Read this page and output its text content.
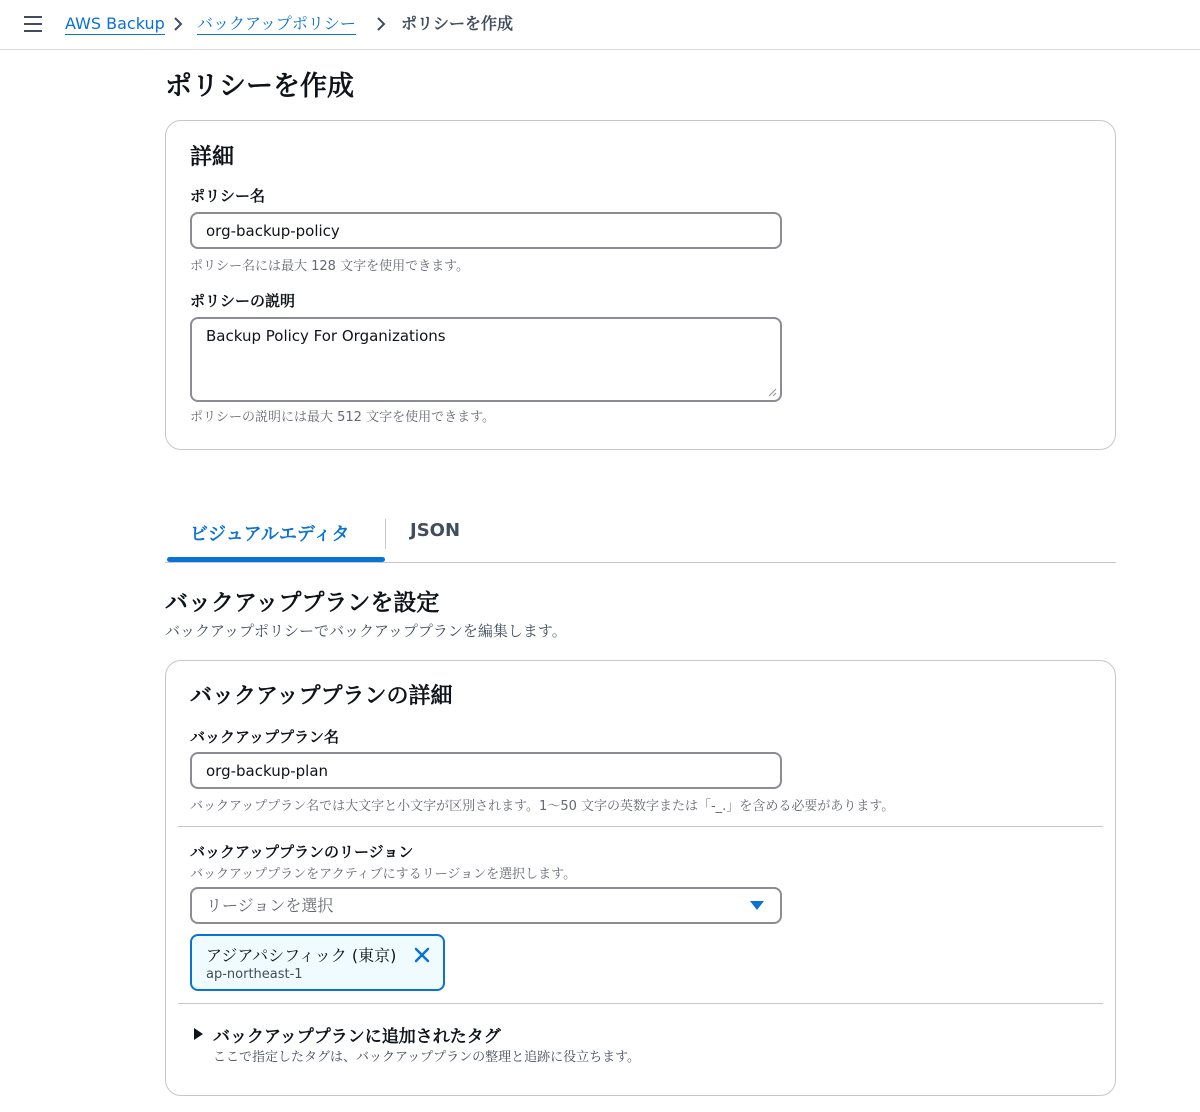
AWS Backup バックアップポリシー	ポリシーを作成
ポリシーを作成
詳細
ポリシー名
org-backup-policy
ポリシー名には最大 128 文字を使用できます。
ポリシーの説明
Backup Policy For Organizations
ポリシーの説明には最大 512 文字を使用できます。
ビジュアルエディタ	JSON
バックアッププランを設定
バックアップポリシーでバックアッププランを編集します。
バックアッププランの詳細
バックアッププラン名
org-backup-plan
バックアッププラン名では大文字と小文字が区別されます。1〜50 文字の英数字または「-_.」を含める必要があります。
バックアッププランのリージョン
バックアッププランをアクティブにするリージョンを選択します。
リージョンを選択
アジアパシフィック (東京)
ap-northeast-1
バックアッププランに追加されたタグ
ここで指定したタグは、バックアッププランの整理と追跡に役立ちます。
